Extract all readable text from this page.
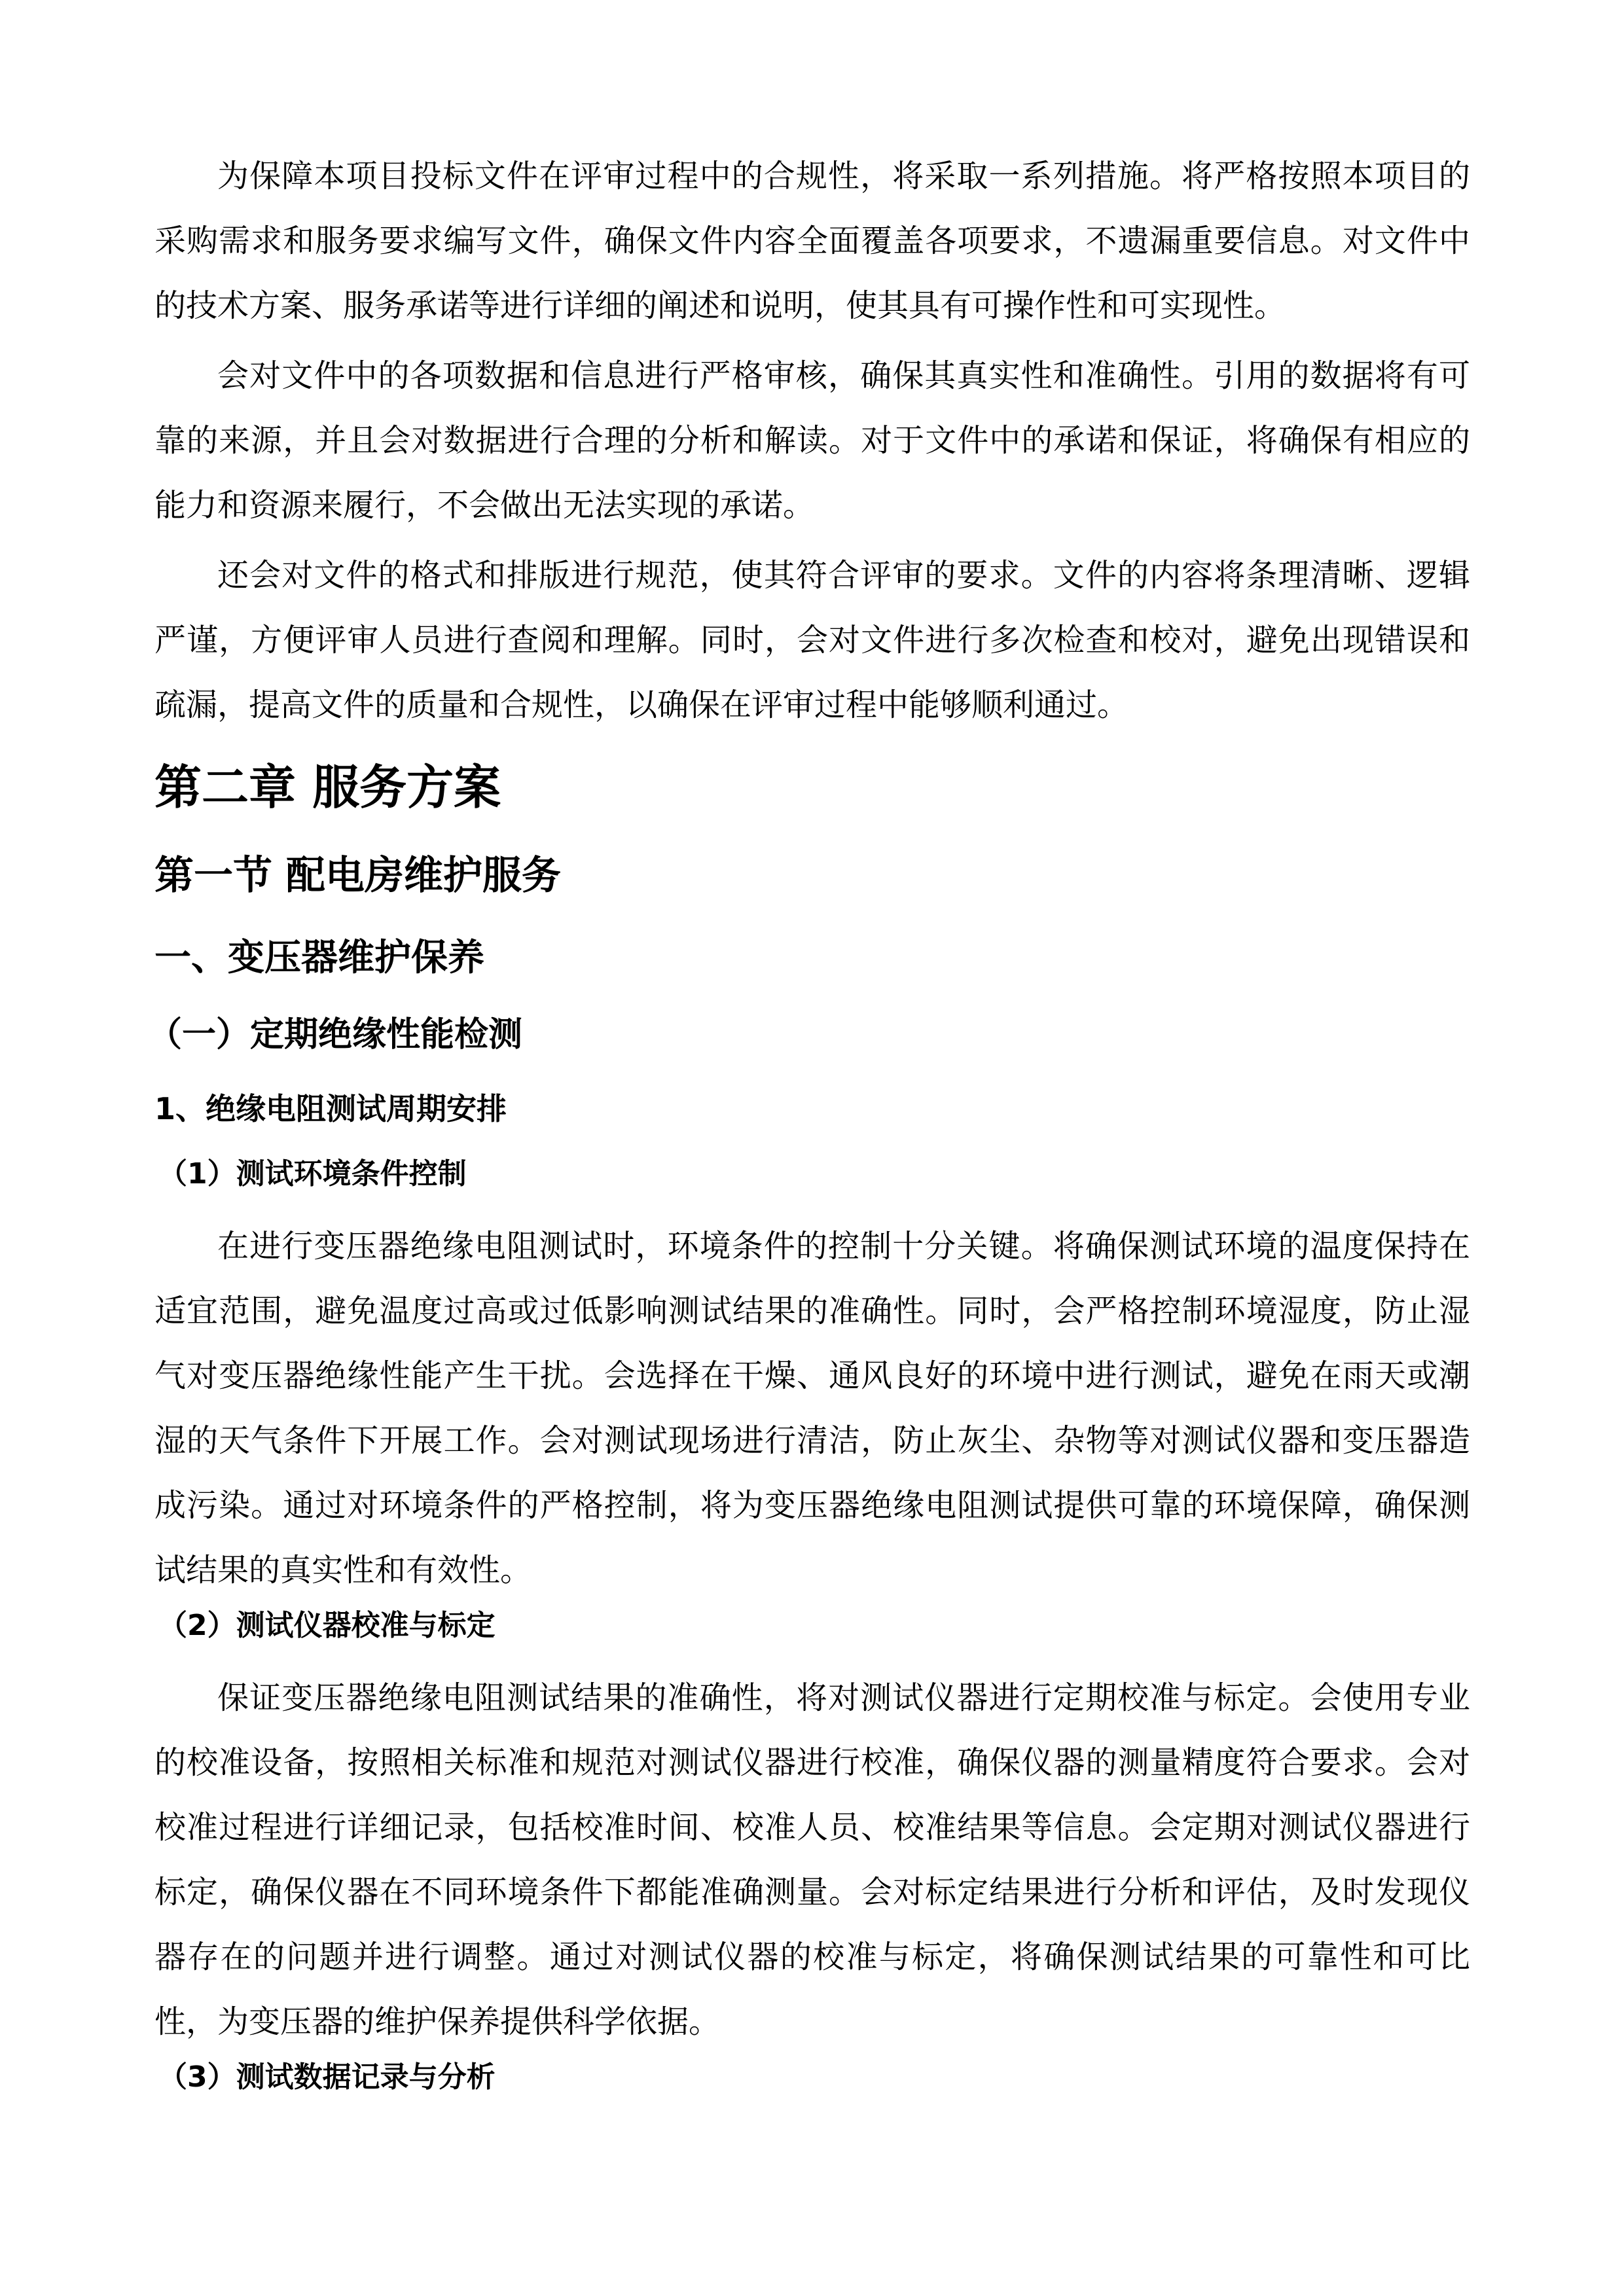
为保障本项目投标文件在评审过程中的合规性，将采取一系列措施。将严格按照本项目的采购需求和服务要求编写文件，确保文件内容全面覆盖各项要求，不遗漏重要信息。对文件中的技术方案、服务承诺等进行详细的阐述和说明，使其具有可操作性和可实现性。

会对文件中的各项数据和信息进行严格审核，确保其真实性和准确性。引用的数据将有可靠的来源，并且会对数据进行合理的分析和解读。对于文件中的承诺和保证，将确保有相应的能力和资源来履行，不会做出无法实现的承诺。

还会对文件的格式和排版进行规范，使其符合评审的要求。文件的内容将条理清晰、逻辑严谨，方便评审人员进行查阅和理解。同时，会对文件进行多次检查和校对，避免出现错误和疏漏，提高文件的质量和合规性，以确保在评审过程中能够顺利通过。

第二章 服务方案
第一节 配电房维护服务
一、变压器维护保养
（一）定期绝缘性能检测
1、绝缘电阻测试周期安排
（1）测试环境条件控制

在进行变压器绝缘电阻测试时，环境条件的控制十分关键。将确保测试环境的温度保持在适宜范围，避免温度过高或过低影响测试结果的准确性。同时，会严格控制环境湿度，防止湿气对变压器绝缘性能产生干扰。会选择在干燥、通风良好的环境中进行测试，避免在雨天或潮湿的天气条件下开展工作。会对测试现场进行清洁，防止灰尘、杂物等对测试仪器和变压器造成污染。通过对环境条件的严格控制，将为变压器绝缘电阻测试提供可靠的环境保障，确保测试结果的真实性和有效性。

（2）测试仪器校准与标定

保证变压器绝缘电阻测试结果的准确性，将对测试仪器进行定期校准与标定。会使用专业的校准设备，按照相关标准和规范对测试仪器进行校准，确保仪器的测量精度符合要求。会对校准过程进行详细记录，包括校准时间、校准人员、校准结果等信息。会定期对测试仪器进行标定，确保仪器在不同环境条件下都能准确测量。会对标定结果进行分析和评估，及时发现仪器存在的问题并进行调整。通过对测试仪器的校准与标定，将确保测试结果的可靠性和可比性，为变压器的维护保养提供科学依据。

（3）测试数据记录与分析
